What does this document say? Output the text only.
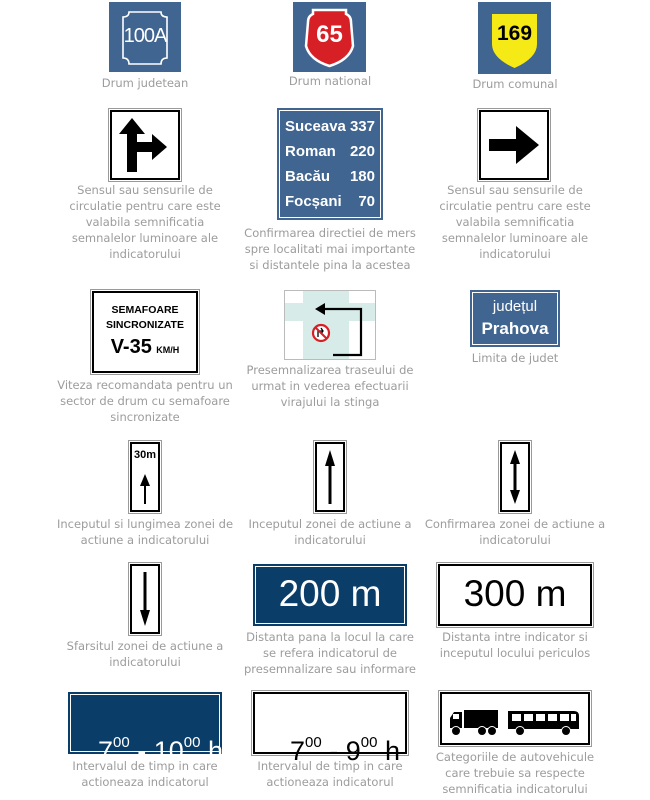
100A
Drum judetean
65
Drum national
169
Drum comunal
Sensul sau sensurile de
circulatie pentru care este
valabila semnificatia
semnalelor luminoare ale
indicatorului
Suceava 337
Roman 220
Bacău 180
Focșani 70
Confirmarea directiei de mers
spre localitati mai importante
si distantele pina la acestea
Sensul sau sensurile de
circulatie pentru care este
valabila semnificatia
semnalelor luminoare ale
indicatorului
SEMAFOARE
SINCRONIZATE
V-35 KM/H
Viteza recomandata pentru un
sector de drum cu semafoare
sincronizate
Presemnalizarea traseului de
urmat in vederea efectuarii
virajului la stinga
județul
Prahova
Limita de judet
30m
Inceputul si lungimea zonei de
actiune a indicatorului
Inceputul zonei de actiune a
indicatorului
Confirmarea zonei de actiune a
indicatorului
Sfarsitul zonei de actiune a
indicatorului
200 m
Distanta pana la locul la care
se refera indicatorul de
presemnalizare sau informare
300 m
Distanta intre indicator si
inceputul locului periculos

$7^{00} - 10^{00}$ h

Intervalul de timp in care
actioneaza indicatorul

$7^{00} - 9^{00}$ h

Intervalul de timp in care
actioneaza indicatorul
Categoriile de autovehicule
care trebuie sa respecte
semnificatia indicatorului
